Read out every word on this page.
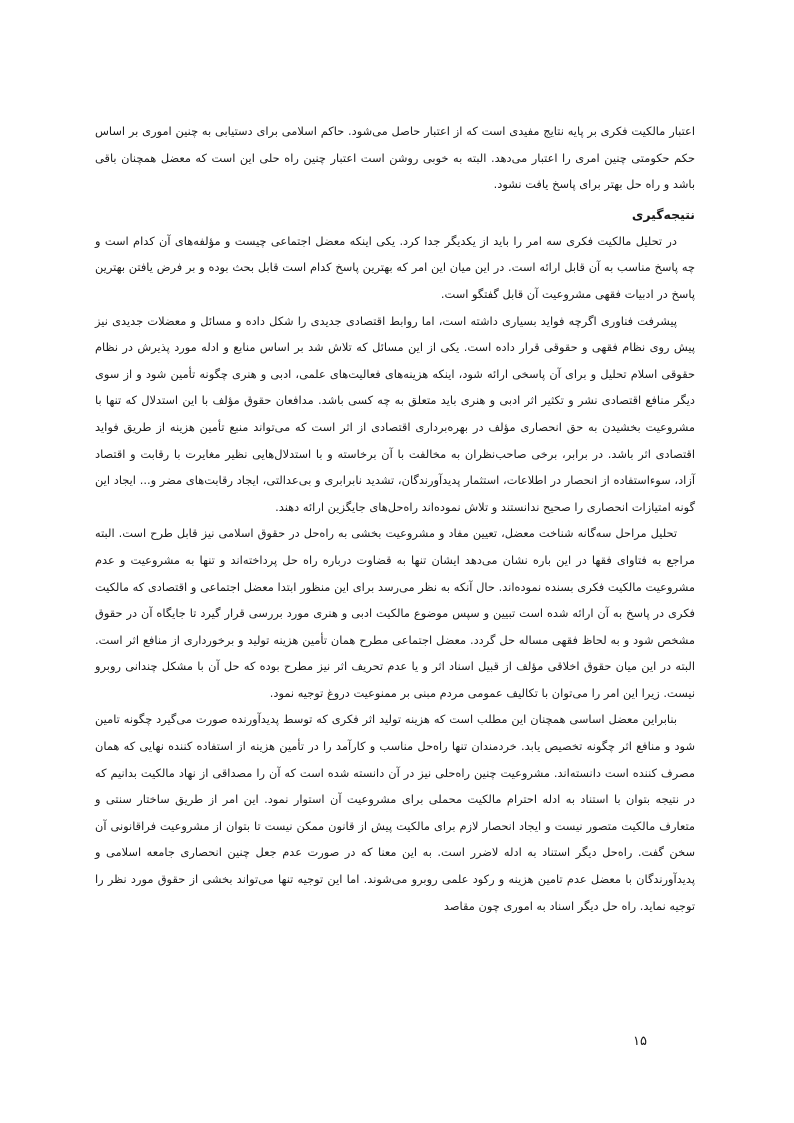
اعتبار مالکیت فکری بر پایه نتایج مفیدی است که از اعتبار حاصل می‌شود. حاکم اسلامی برای دستیابی به چنین اموری بر اساس حکم حکومتی چنین امری را اعتبار می‌دهد. البته به خوبی روشن است اعتبار چنین راه حلی این است که معضل همچنان باقی باشد و راه حل بهتر برای پاسخ یافت نشود.

نتیجه‌گیری

در تحلیل مالکیت فکری سه امر را باید از یکدیگر جدا کرد. یکی اینکه معضل اجتماعی چیست و مؤلفه‌های آن کدام است و چه پاسخ مناسب به آن قابل ارائه است. در این میان این امر که بهترین پاسخ کدام است قابل بحث بوده و بر فرض یافتن بهترین پاسخ در ادبیات فقهی مشروعیت آن قابل گفتگو است.

پیشرفت فناوری اگرچه فواید بسیاری داشته است، اما روابط اقتصادی جدیدی را شکل داده و مسائل و معضلات جدیدی نیز پیش روی نظام فقهی و حقوقی قرار داده است. یکی از این مسائل که تلاش شد بر اساس منابع و ادله مورد پذیرش در نظام حقوقی اسلام تحلیل و برای آن پاسخی ارائه شود، اینکه هزینه‌های فعالیت‌های علمی، ادبی و هنری چگونه تأمین شود و از سوی دیگر منافع اقتصادی نشر و تکثیر اثر ادبی و هنری باید متعلق به چه کسی باشد. مدافعان حقوق مؤلف با این استدلال که تنها با مشروعیت بخشیدن به حق انحصاری مؤلف در بهره‌برداری اقتصادی از اثر است که می‌تواند منبع تأمین هزینه از طریق فواید اقتصادی اثر باشد. در برابر، برخی صاحب‌نظران به مخالفت با آن برخاسته و با استدلال‌هایی نظیر مغایرت با رقابت و اقتصاد آزاد، سوءاستفاده از انحصار در اطلاعات، استثمار پدیدآورندگان، تشدید نابرابری و بی‌عدالتی، ایجاد رقابت‌های مضر و... ایجاد این گونه امتیازات انحصاری را صحیح ندانستند و تلاش نموده‌اند راه‌حل‌های جایگزین ارائه دهند.

تحلیل مراحل سه‌گانه شناخت معضل، تعیین مفاد و مشروعیت بخشی به راه‌حل در حقوق اسلامی نیز قابل طرح است. البته مراجع به فتاوای فقها در این باره نشان می‌دهد ایشان تنها به قضاوت درباره راه حل پرداخته‌اند و تنها به مشروعیت و عدم مشروعیت مالکیت فکری بسنده نموده‌اند. حال آنکه به نظر می‌رسد برای این منظور ابتدا معضل اجتماعی و اقتصادی که مالکیت فکری در پاسخ به آن ارائه شده است تبیین و سپس موضوع مالکیت ادبی و هنری مورد بررسی قرار گیرد تا جایگاه آن در حقوق مشخص شود و به لحاظ فقهی مساله حل گردد. معضل اجتماعی مطرح همان تأمین هزینه تولید و برخورداری از منافع اثر است. البته در این میان حقوق اخلاقی مؤلف از قبیل اسناد اثر و یا عدم تحریف اثر نیز مطرح بوده که حل آن با مشکل چندانی روبرو نیست. زیرا این امر را می‌توان با تکالیف عمومی مردم مبنی بر ممنوعیت دروغ توجیه نمود.

بنابراین معضل اساسی همچنان این مطلب است که هزینه تولید اثر فکری که توسط پدیدآورنده صورت می‌گیرد چگونه تامین شود و منافع اثر چگونه تخصیص یابد. خردمندان تنها راه‌حل مناسب و کارآمد را در تأمین هزینه از استفاده کننده نهایی که همان مصرف کننده است دانسته‌اند. مشروعیت چنین راه‌حلی نیز در آن دانسته شده است که آن را مصداقی از نهاد مالکیت بدانیم که در نتیجه بتوان با استناد به ادله احترام مالکیت محملی برای مشروعیت آن استوار نمود. این امر از طریق ساختار سنتی و متعارف مالکیت متصور نیست و ایجاد انحصار لازم برای مالکیت پیش از قانون ممکن نیست تا بتوان از مشروعیت فراقانونی آن سخن گفت. راه‌حل دیگر استناد به ادله لاضرر است. به این معنا که در صورت عدم جعل چنین انحصاری جامعه اسلامی و پدیدآورندگان با معضل عدم تامین هزینه و رکود علمی روبرو می‌شوند. اما این توجیه تنها می‌تواند بخشی از حقوق مورد نظر را توجیه نماید. راه حل دیگر اسناد به اموری چون مقاصد

۱۵
